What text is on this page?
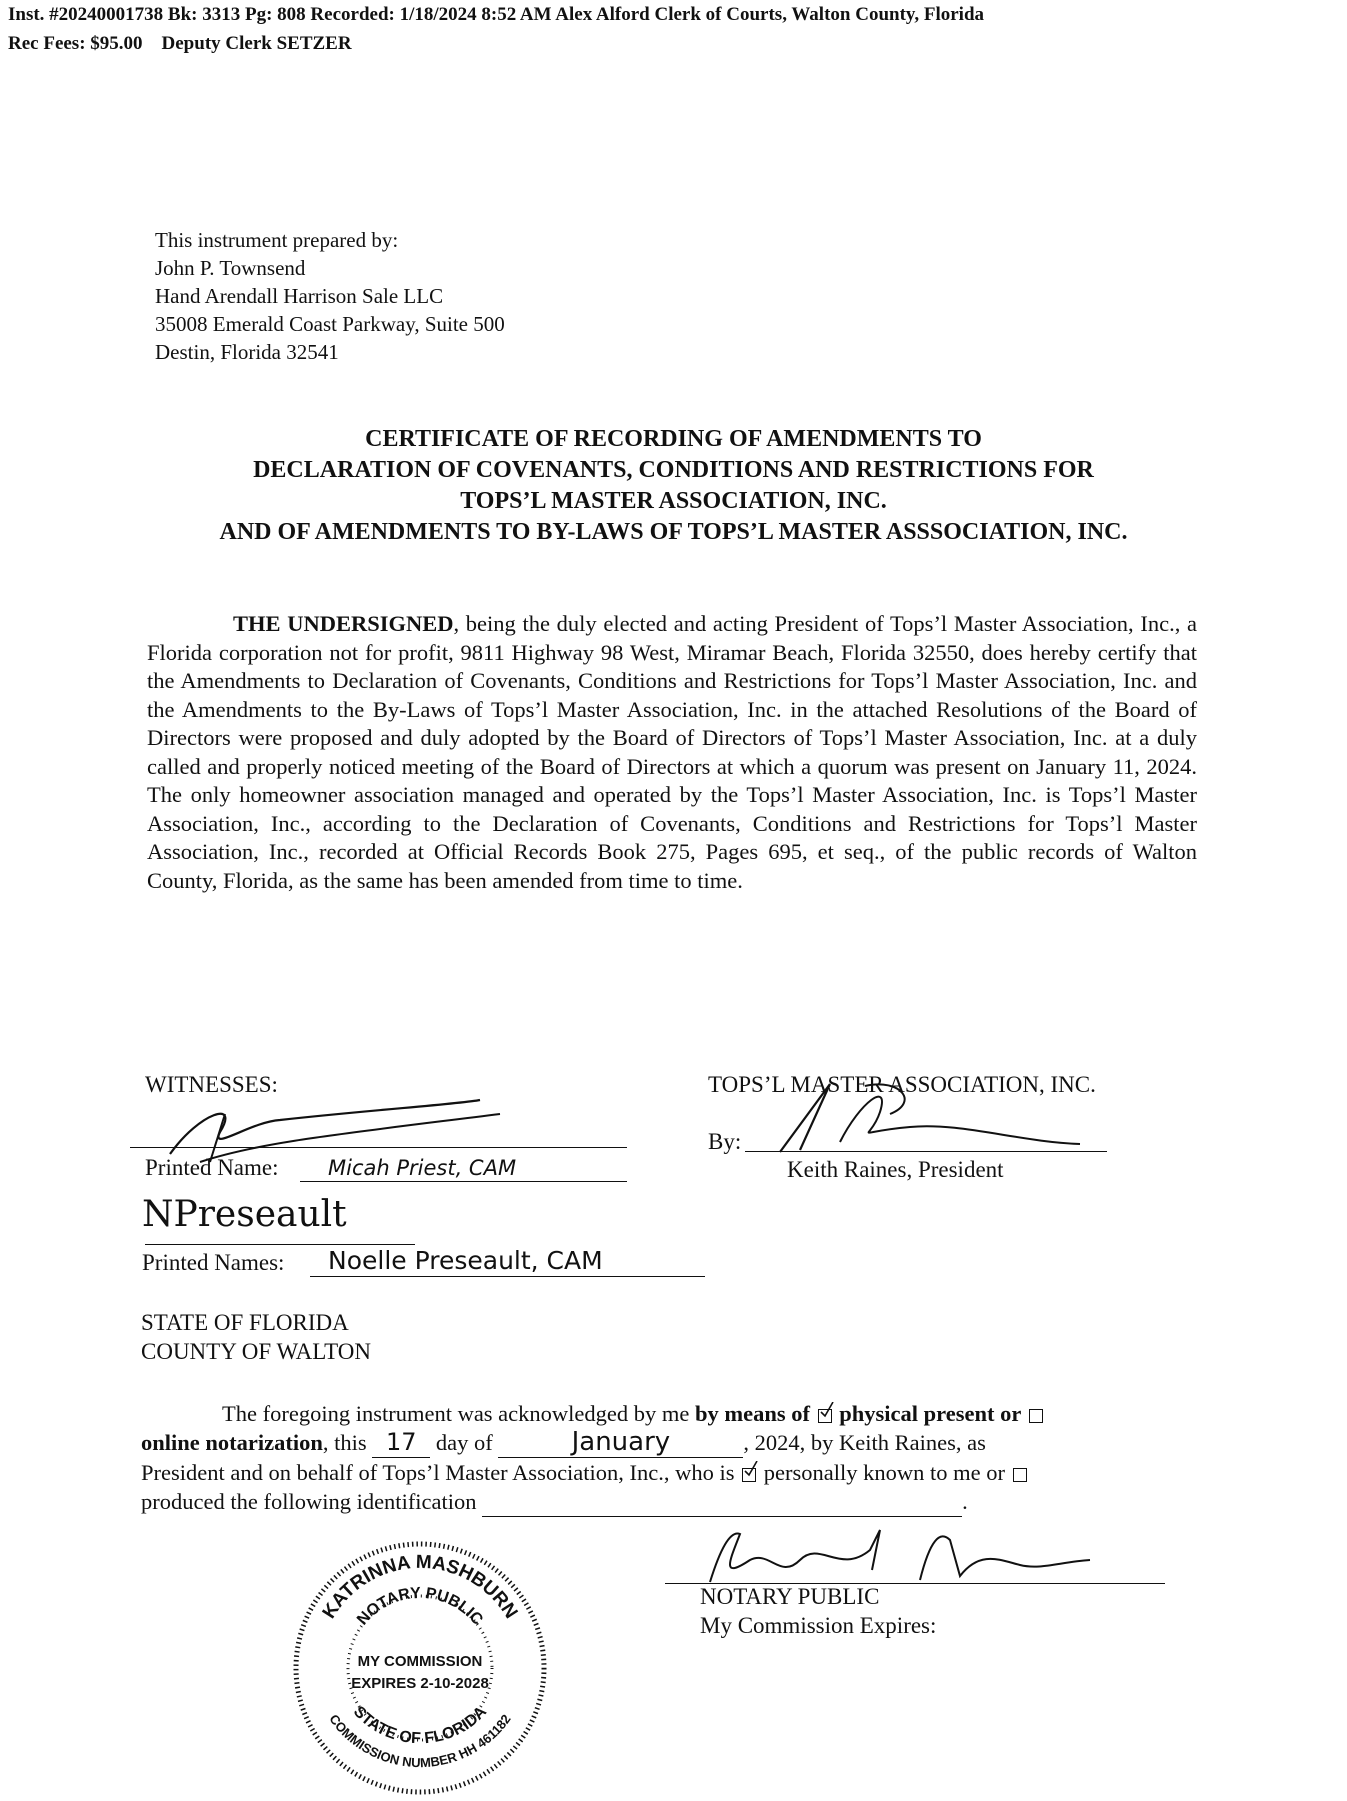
Inst. #20240001738 Bk: 3313 Pg: 808 Recorded: 1/18/2024 8:52 AM Alex Alford Clerk of Courts, Walton County, Florida
Rec Fees: $95.00    Deputy Clerk SETZER
This instrument prepared by:
John P. Townsend
Hand Arendall Harrison Sale LLC
35008 Emerald Coast Parkway, Suite 500
Destin, Florida 32541
CERTIFICATE OF RECORDING OF AMENDMENTS TO
DECLARATION OF COVENANTS, CONDITIONS AND RESTRICTIONS FOR
TOPS’L MASTER ASSOCIATION, INC.
AND OF AMENDMENTS TO BY-LAWS OF TOPS’L MASTER ASSSOCIATION, INC.
THE UNDERSIGNED, being the duly elected and acting President of Tops’l Master Association, Inc., a Florida corporation not for profit, 9811 Highway 98 West, Miramar Beach, Florida 32550, does hereby certify that the Amendments to Declaration of Covenants, Conditions and Restrictions for Tops’l Master Association, Inc. and the Amendments to the By-Laws of Tops’l Master Association, Inc. in the attached Resolutions of the Board of Directors were proposed and duly adopted by the Board of Directors of Tops’l Master Association, Inc. at a duly called and properly noticed meeting of the Board of Directors at which a quorum was present on January 11, 2024. The only homeowner association managed and operated by the Tops’l Master Association, Inc. is Tops’l Master Association, Inc., according to the Declaration of Covenants, Conditions and Restrictions for Tops’l Master Association, Inc., recorded at Official Records Book 275, Pages 695, et seq., of the public records of Walton County, Florida, as the same has been amended from time to time.
WITNESSES:
Printed Name: Micah Priest, CAM
NPreseault
Printed Names: Noelle Preseault, CAM
TOPS’L MASTER ASSOCIATION, INC.
By:
Keith Raines, President
STATE OF FLORIDA
COUNTY OF WALTON
The foregoing instrument was acknowledged by me by means of physical present or
online notarization, this 17 day of	January	, 2024, by Keith Raines, as
President and on behalf of Tops’l Master Association, Inc., who is personally known to me or
produced the following identification	.
NOTARY PUBLIC
My Commission Expires:
KATRINNA MASHBURN
NOTARY PUBLIC
MY COMMISSION
EXPIRES 2-10-2028
STATE OF FLORIDA
COMMISSION NUMBER HH 461182
